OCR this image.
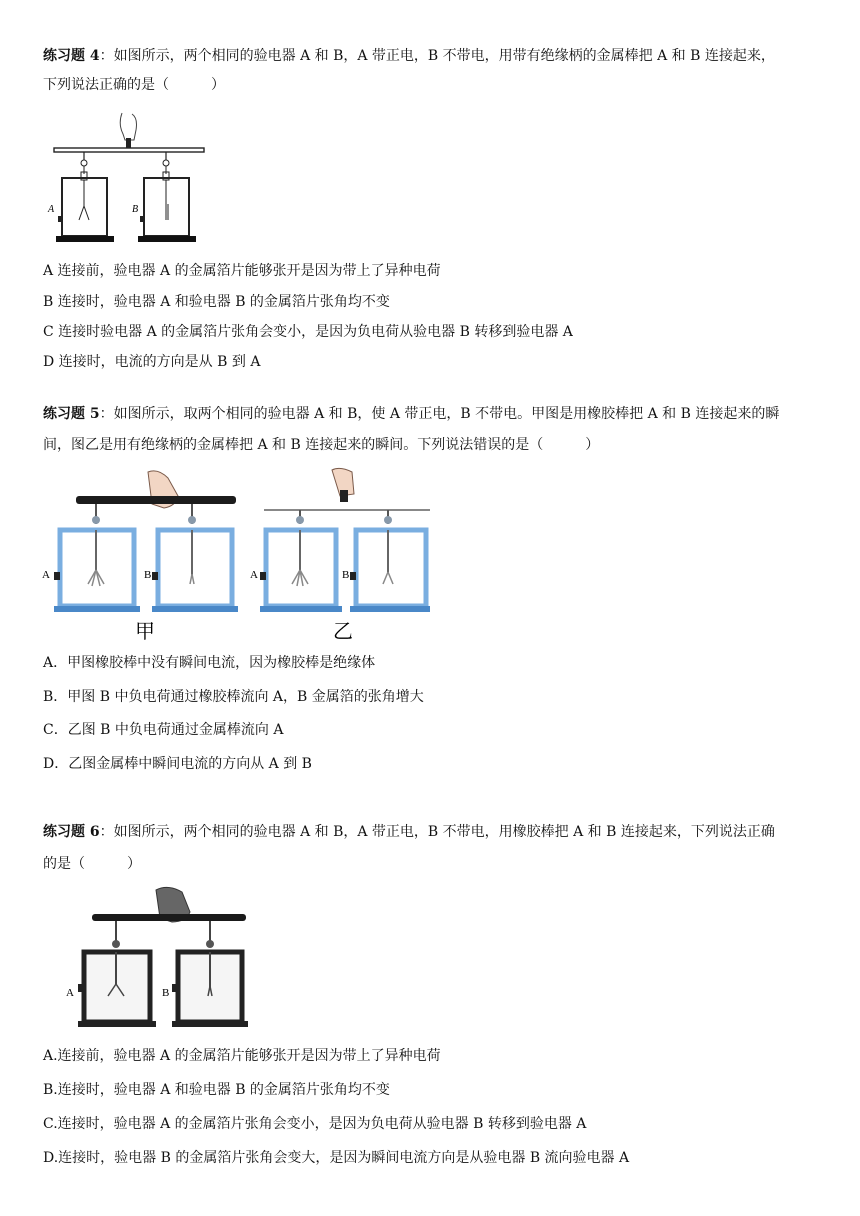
练习题 4：如图所示，两个相同的验电器 A 和 B，A 带正电，B 不带电，用带有绝缘柄的金属棒把 A 和 B 连接起来，
下列说法正确的是（　　　）
A	B
A 连接前，验电器 A 的金属箔片能够张开是因为带上了异种电荷
B 连接时，验电器 A 和验电器 B 的金属箔片张角均不变
C 连接时验电器 A 的金属箔片张角会变小，是因为负电荷从验电器 B 转移到验电器 A
D 连接时，电流的方向是从 B 到 A
练习题 5：如图所示，取两个相同的验电器 A 和 B，使 A 带正电，B 不带电。甲图是用橡胶棒把 A 和 B 连接起来的瞬
间，图乙是用有绝缘柄的金属棒把 A 和 B 连接起来的瞬间。下列说法错误的是（　　　）
A	B	A	B
甲	乙
A．甲图橡胶棒中没有瞬间电流，因为橡胶棒是绝缘体
B．甲图 B 中负电荷通过橡胶棒流向 A，B 金属箔的张角增大
C．乙图 B 中负电荷通过金属棒流向 A
D．乙图金属棒中瞬间电流的方向从 A 到 B
练习题 6：如图所示，两个相同的验电器 A 和 B，A 带正电，B 不带电，用橡胶棒把 A 和 B 连接起来，下列说法正确
的是（　　　）
A	B
A.连接前，验电器 A 的金属箔片能够张开是因为带上了异种电荷
B.连接时，验电器 A 和验电器 B 的金属箔片张角均不变
C.连接时，验电器 A 的金属箔片张角会变小，是因为负电荷从验电器 B 转移到验电器 A
D.连接时，验电器 B 的金属箔片张角会变大，是因为瞬间电流方向是从验电器 B 流向验电器 A
